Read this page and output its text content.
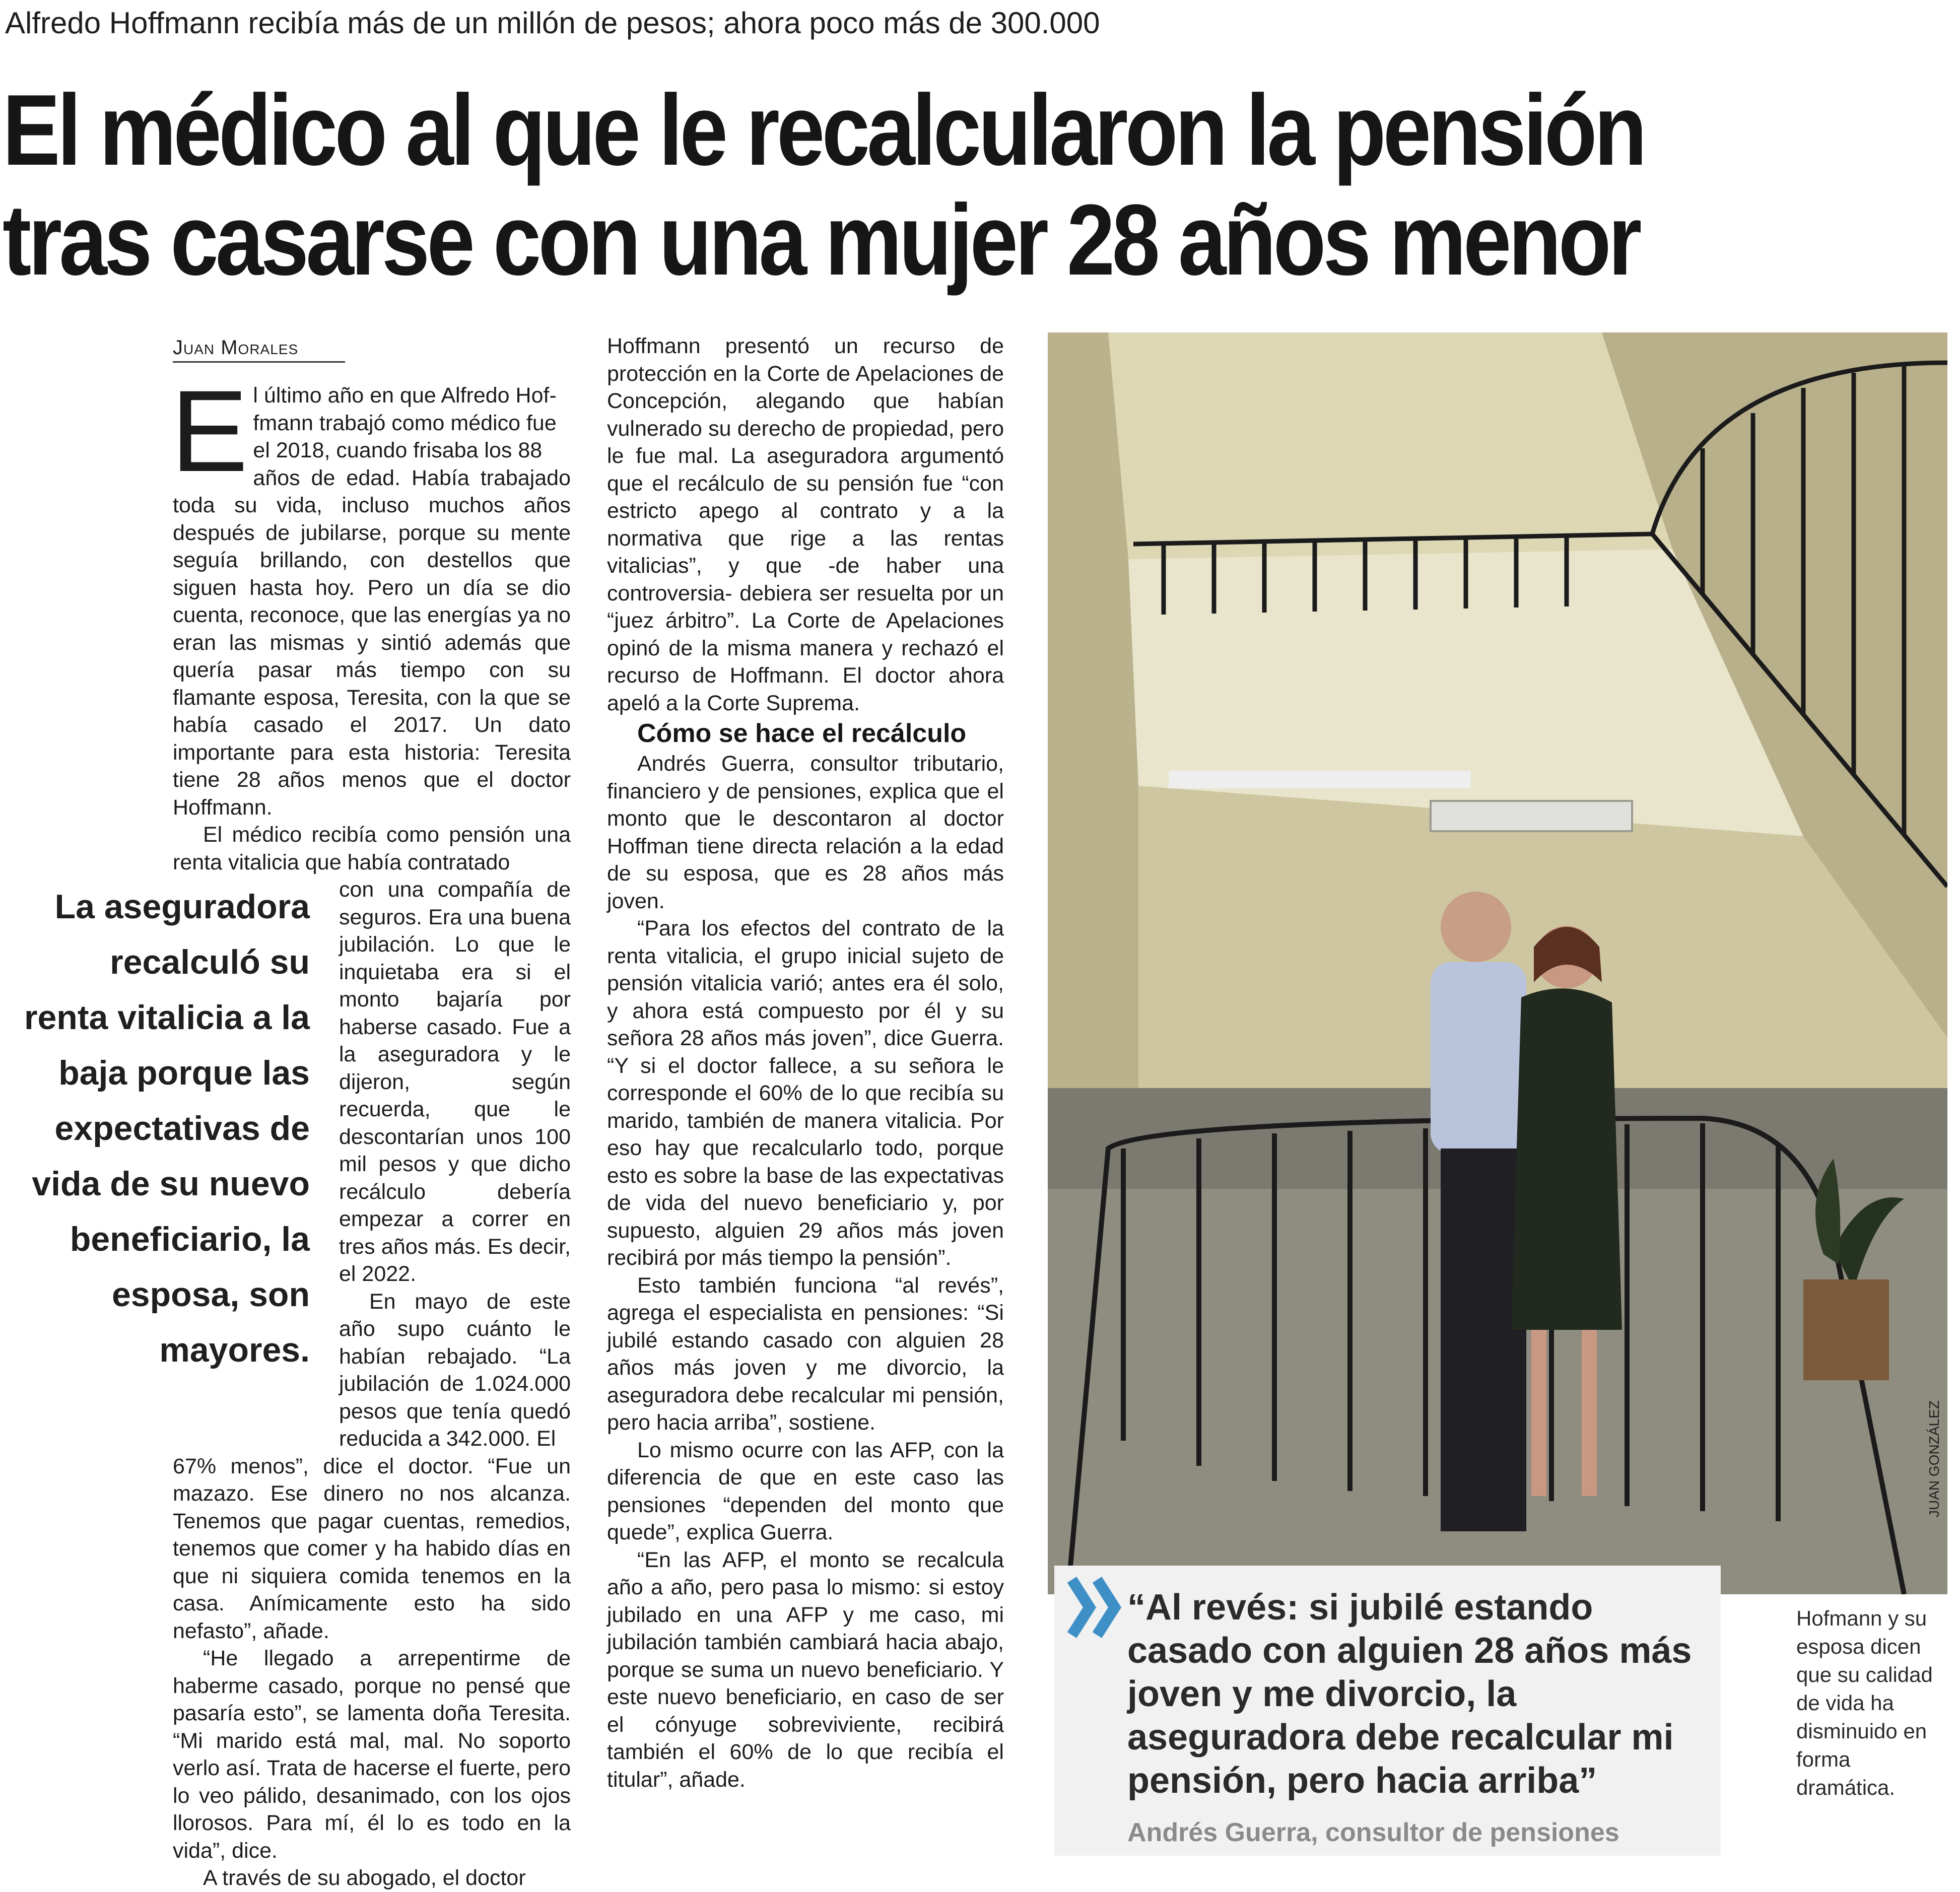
Alfredo Hoffmann recibía más de un millón de pesos; ahora poco más de 300.000
El médico al que le recalcularon la pensión
tras casarse con una mujer 28 años menor
Juan Morales
E l último año en que Alfredo Hof-
fmann trabajó como médico fue
el 2018, cuando frisaba los 88

años de edad. Había trabajado toda su vida, incluso muchos años después de jubilarse, porque su mente seguía brillando, con destellos que siguen hasta hoy. Pero un día se dio cuenta, reconoce, que las energías ya no eran las mismas y sintió además que quería pasar más tiempo con su flamante esposa, Teresita, con la que se había casado el 2017. Un dato importante para esta historia: Teresita tiene 28 años menos que el doctor Hoffmann.

El médico recibía como pensión una renta vitalicia que había contratado

con una compañía de seguros. Era una buena jubilación. Lo que le inquietaba era si el monto bajaría por haberse casado. Fue a la aseguradora y le dijeron, según recuerda, que le descontarían unos 100 mil pesos y que dicho recálculo debería empezar a correr en tres años más. Es decir, el 2022.

En mayo de este año supo cuánto le habían rebajado. “La jubilación de 1.024.000 pesos que tenía quedó reducida a 342.000. El

67% menos”, dice el doctor. “Fue un mazazo. Ese dinero no nos alcanza. Tenemos que pagar cuentas, remedios, tenemos que comer y ha habido días en que ni siquiera comida tenemos en la casa. Anímicamente esto ha sido nefasto”, añade.

“He llegado a arrepentirme de haberme casado, porque no pensé que pasaría esto”, se lamenta doña Teresita. “Mi marido está mal, mal. No soporto verlo así. Trata de hacerse el fuerte, pero lo veo pálido, desanimado, con los ojos llorosos. Para mí, él lo es todo en la vida”, dice.

A través de su abogado, el doctor

La aseguradora
recalculó su
renta vitalicia a la
baja porque las
expectativas de
vida de su nuevo
beneficiario, la
esposa, son
mayores.

Hoffmann presentó un recurso de protección en la Corte de Apelaciones de Concepción, alegando que habían vulnerado su derecho de propiedad, pero le fue mal. La aseguradora argumentó que el recálculo de su pensión fue “con estricto apego al contrato y a la normativa que rige a las rentas vitalicias”, y que -de haber una controversia- debiera ser resuelta por un “juez árbitro”. La Corte de Apelaciones opinó de la misma manera y rechazó el recurso de Hoffmann. El doctor ahora apeló a la Corte Suprema.

Cómo se hace el recálculo

Andrés Guerra, consultor tributario, financiero y de pensiones, explica que el monto que le descontaron al doctor Hoffman tiene directa relación a la edad de su esposa, que es 28 años más joven.

“Para los efectos del contrato de la renta vitalicia, el grupo inicial sujeto de pensión vitalicia varió; antes era él solo, y ahora está compuesto por él y su señora 28 años más joven”, dice Guerra. “Y si el doctor fallece, a su señora le corresponde el 60% de lo que recibía su marido, también de manera vitalicia. Por eso hay que recalcularlo todo, porque esto es sobre la base de las expectativas de vida del nuevo beneficiario y, por supuesto, alguien 29 años más joven recibirá por más tiempo la pensión”.

Esto también funciona “al revés”, agrega el especialista en pensiones: “Si jubilé estando casado con alguien 28 años más joven y me divorcio, la aseguradora debe recalcular mi pensión, pero hacia arriba”, sostiene.

Lo mismo ocurre con las AFP, con la diferencia de que en este caso las pensiones “dependen del monto que quede”, explica Guerra.

“En las AFP, el monto se recalcula año a año, pero pasa lo mismo: si estoy jubilado en una AFP y me caso, mi jubilación también cambiará hacia abajo, porque se suma un nuevo beneficiario. Y este nuevo beneficiario, en caso de ser el cónyuge sobreviviente, recibirá también el 60% de lo que recibía el titular”, añade.

JUAN GONZÁLEZ
“Al revés: si jubilé estando
casado con alguien 28 años más
joven y me divorcio, la
aseguradora debe recalcular mi
pensión, pero hacia arriba”
Andrés Guerra, consultor de pensiones
Hofmann y su
esposa dicen
que su calidad
de vida ha
disminuido en
forma
dramática.
